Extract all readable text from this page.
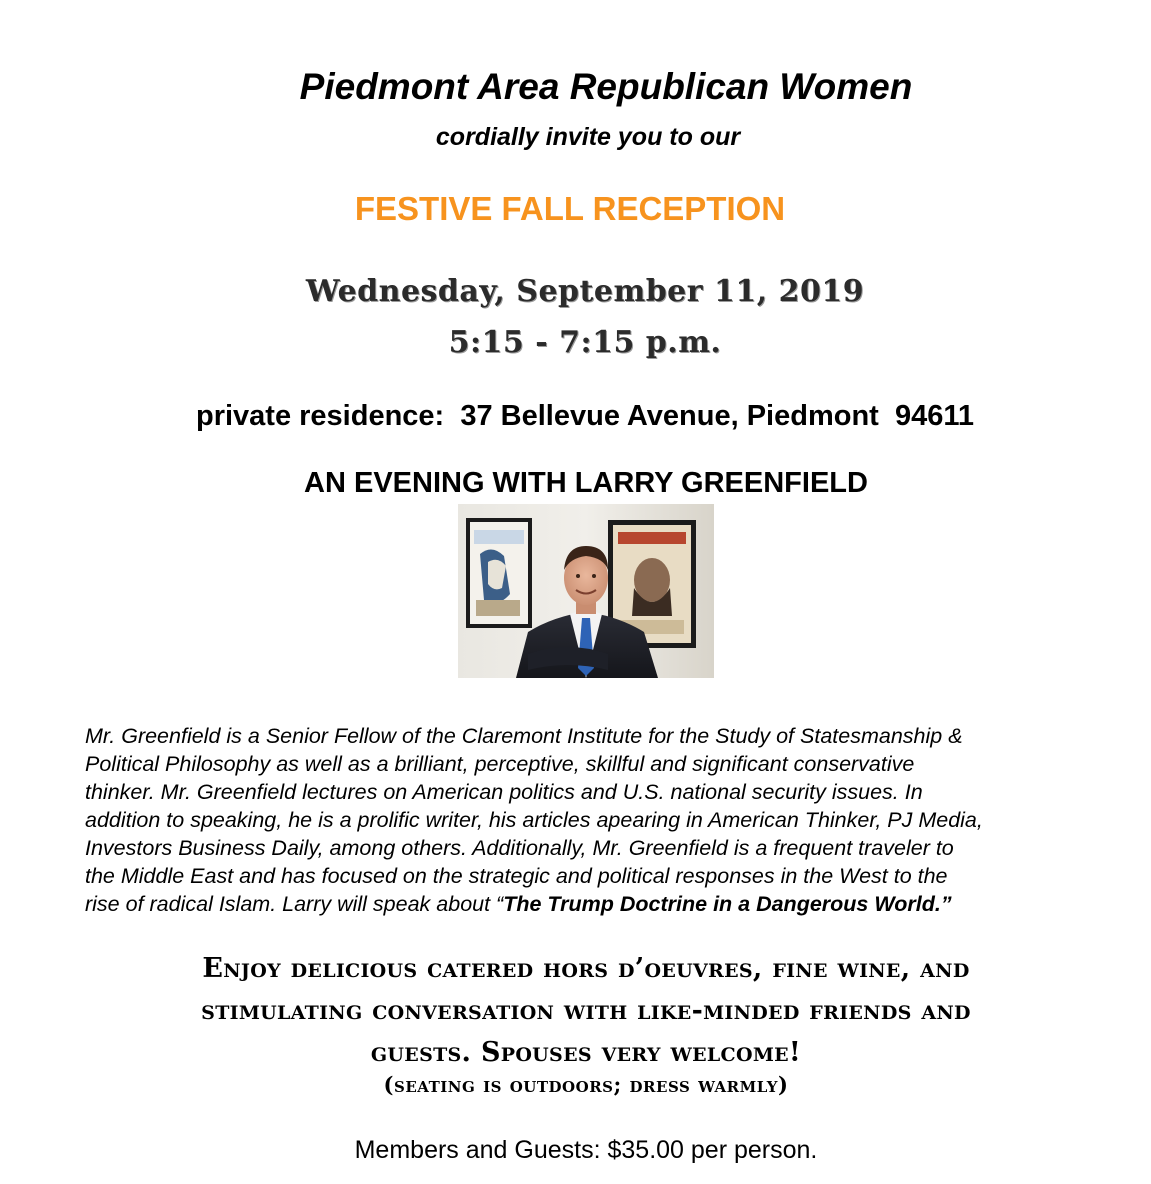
Piedmont Area Republican Women
cordially invite you to our
FESTIVE FALL RECEPTION
Wednesday, September 11, 2019
5:15 - 7:15 p.m.
private residence: 37 Bellevue Avenue, Piedmont 94611
AN EVENING WITH LARRY GREENFIELD
Mr. Greenfield is a Senior Fellow of the Claremont Institute for the Study of Statesmanship &
Political Philosophy as well as a brilliant, perceptive, skillful and significant conservative
thinker. Mr. Greenfield lectures on American politics and U.S. national security issues. In
addition to speaking, he is a prolific writer, his articles apearing in American Thinker, PJ Media,
Investors Business Daily, among others. Additionally, Mr. Greenfield is a frequent traveler to
the Middle East and has focused on the strategic and political responses in the West to the
rise of radical Islam. Larry will speak about “The Trump Doctrine in a Dangerous World.”
Enjoy delicious catered hors d’oeuvres, fine wine, and
stimulating conversation with like-minded friends and
guests. Spouses very welcome!
(seating is outdoors; dress warmly)
Members and Guests: $35.00 per person.
